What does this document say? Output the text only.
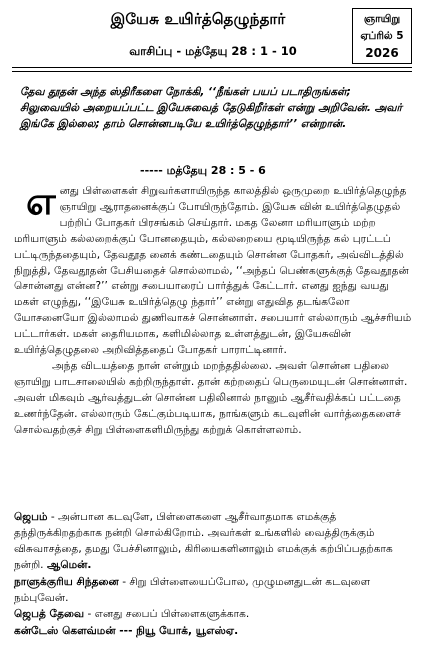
இயேசு உயிர்த்தெழுந்தார்	ஞாயிறு
ஏப்ரில் 5
2026
வாசிப்பு - மத்தேயு 28 : 1 - 10
தேவ தூதன் அந்த ஸ்திரீகளை நோக்கி, ‘‘நீங்கள் பயப் படாதிருங்கள்; சிலுவையில் அறையப்பட்ட இயேசுவைத் தேடுகிறீர்கள் என்று அறிவேன். அவர் இங்கே இல்லை; தாம் சொன்னபடியே உயிர்த்தெழுந்தார்’’ என்றான்.
----- மத்தேயு 28 : 5 - 6

எனது பிள்ளைகள் சிறுவர்களாயிருந்த காலத்தில் ஒருமுறை உயிர்த்தெழுந்த ஞாயிறு ஆராதனைக்குப் போயிருந்தோம். இயேசு வின் உயிர்த்தெழுதல் பற்றிப் போதகர் பிரசங்கம் செய்தார். மகத லேனா மரியாளும் மற்ற மரியாளும் கல்லறைக்குப் போனதையும், கல்லறையை மூடியிருந்த கல் புரட்டப் பட்டிருந்ததையும், தேவதூத னைக் கண்டதையும் சொன்ன போதகர், அவ்விடத்தில் நிறுத்தி, தேவதூதன் பேசியதைச் சொல்லாமல், ‘‘அந்தப் பெண்களுக்குத் தேவதூதன் சொன்னது என்ன?’’ என்று சபையாரைப் பார்த்துக் கேட்டார். எனது ஐந்து வயது மகள் எழுந்து, ‘‘இயேசு உயிர்த்தெழு ந்தார்’’ என்று எதுவித தடங்கலோ யோசனையோ இல்லாமல் துணிவாகச் சொன்னாள். சபையார் எல்லாரும் ஆச்சரியம் பட்டார்கள். மகள் தைரியமாக, களிமில்லாத உள்ளத்துடன், இயேசுவின் உயிர்த்தெழுதலை அறிவித்ததைப் போதகர் பாராட்டினார்.

அந்த விடயத்தை நான் என்றும் மறந்ததில்லை. அவள் சொன்ன பதிலை ஞாயிறு பாடசாலையில் கற்றிருந்தாள். தான் கற்றதைப் பெருமையுடன் சொன்னாள். அவள் மிகவும் ஆர்வத்துடன் சொன்ன பதிலினால் நானும் ஆசீர்வதிக்கப் பட்டதை உணர்ந்தேன். எல்லாரும் கேட்கும்படியாக, நாங்களும் கடவுளின் வார்த்தைகளைச் சொல்வதற்குச் சிறு பிள்ளைகளிமிருந்து கற்றுக் கொள்ளலாம்.

ஜெபம் - அன்பான கடவுளே, பிள்ளைகளை ஆசீர்வாதமாக எமக்குத் தந்திருக்கிறதற்காக நன்றி சொல்கிறோம். அவர்கள் உங்களில் வைத்திருக்கும் விசுவாசத்தை, தமது பேச்சினாலும், கிரியைகளினாலும் எமக்குக் கற்பிப்பதற்காக நன்றி. ஆமென்.

நாளுக்குரிய சிந்தனை - சிறு பிள்ளையைப்போல, முழுமனதுடன் கடவுளை நம்புவேன்.
ஜெபத் தேவை - எனது சபைப் பிள்ளைகளுக்காக.
கன்டேஸ் கௌவ்மன் --- நியூ யோக், யூஎஸ்ஏ.
